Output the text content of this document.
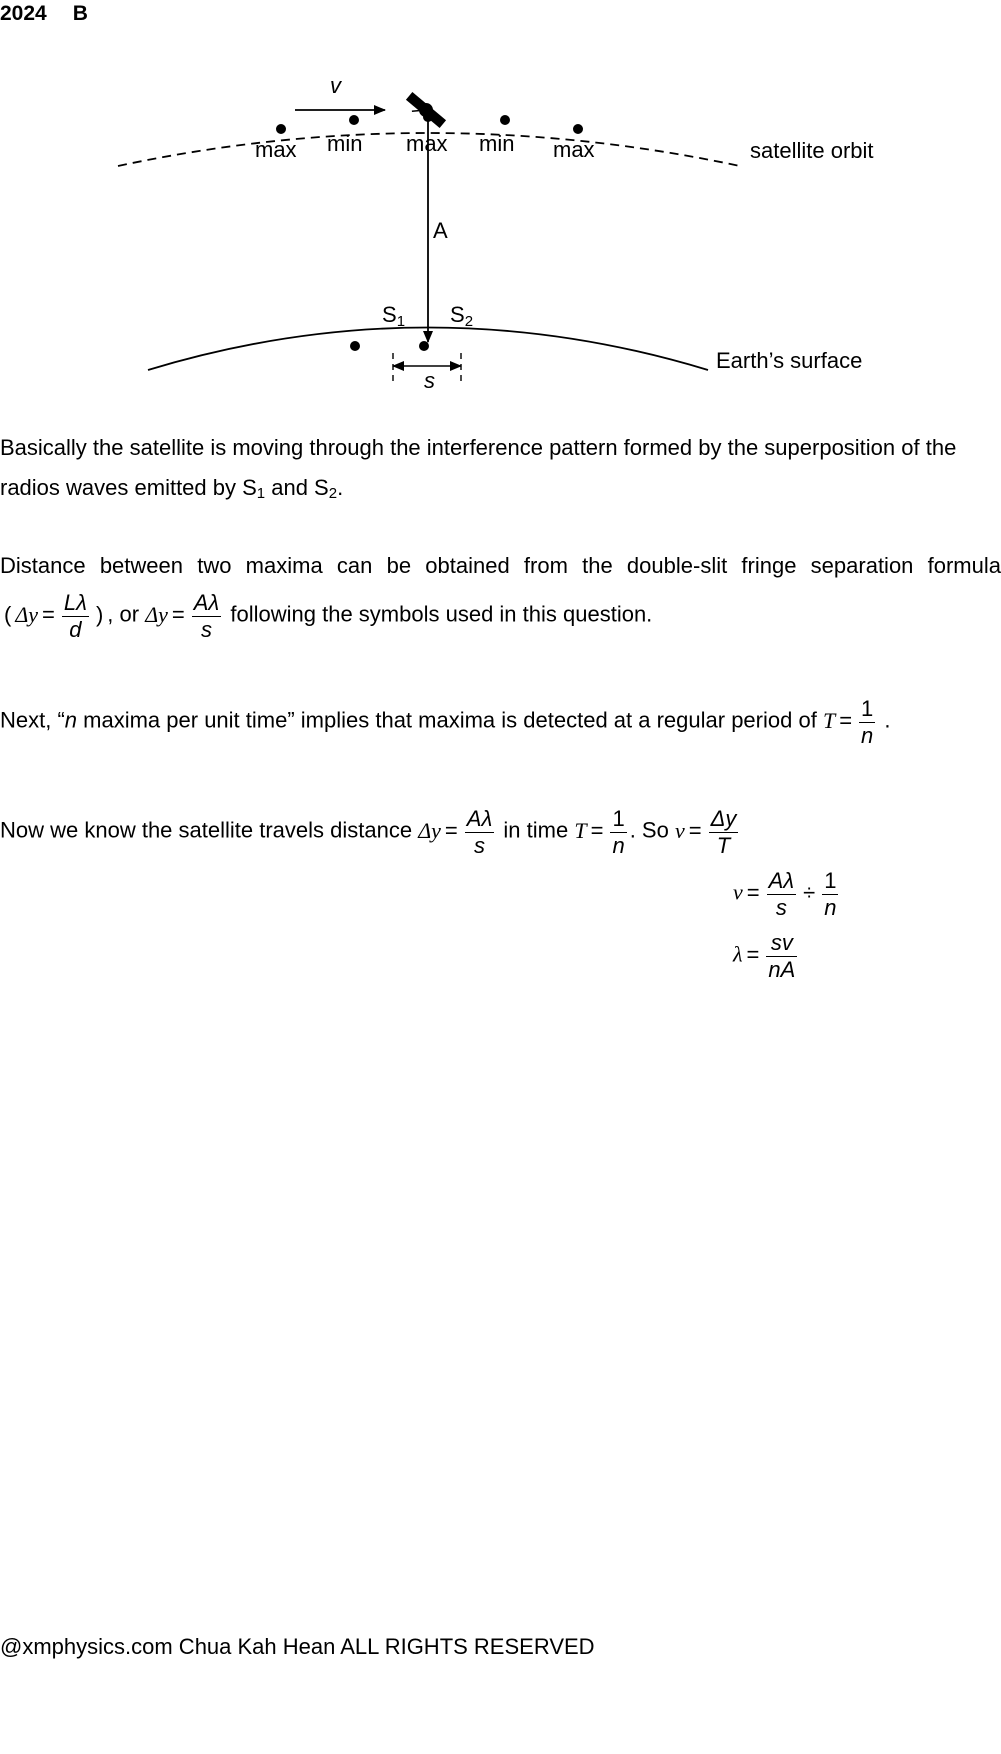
2024 B
v
satellite orbit
max min max min max
A
Earth’s surface
S1 S2
s
Basically the satellite is moving through the interference pattern formed by the superposition of the radios waves emitted by $S_1$ and $S_2$.
Distance between two maxima can be obtained from the double-slit fringe separation formula
( $\Delta y = \frac{L\lambda}{d}$ ) , or $\Delta y = \frac{A\lambda}{s}$ following the symbols used in this question.
Next, “n maxima per unit time” implies that maxima is detected at a regular period of $T = \frac{1}{n}$ .
Now we know the satellite travels distance $\Delta y = \frac{A\lambda}{s}$ in time $T = \frac{1}{n}$ . So $v = \frac{\Delta y}{T}$
$v = \frac{A\lambda}{s} \div \frac{1}{n}$
$\lambda = \frac{sv}{nA}$
@xmphysics.com Chua Kah Hean ALL RIGHTS RESERVED
